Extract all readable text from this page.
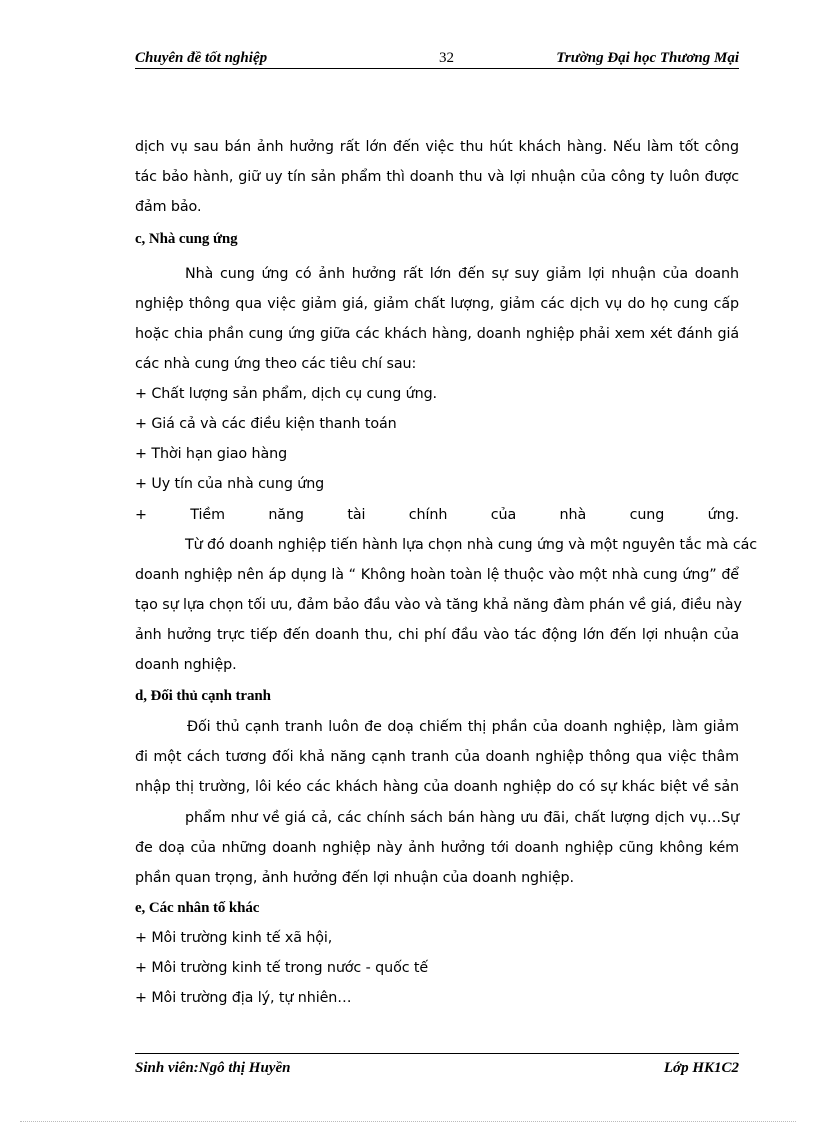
Chuyên đề tốt nghiệp	32	Trường Đại học Thương Mại
dịch vụ sau bán ảnh hưởng rất lớn đến việc thu hút khách hàng. Nếu làm tốt công
tác bảo hành, giữ uy tín sản phẩm thì doanh thu và lợi nhuận của công ty luôn được
đảm bảo.
c, Nhà cung ứng
Nhà cung ứng có ảnh hưởng rất lớn đến sự suy giảm lợi nhuận của doanh
nghiệp thông qua việc giảm giá, giảm chất lượng, giảm các dịch vụ do họ cung cấp
hoặc chia phần cung ứng giữa các khách hàng, doanh nghiệp phải xem xét đánh giá
các nhà cung ứng theo các tiêu chí sau:
+ Chất lượng sản phẩm, dịch cụ cung ứng.
+ Giá cả và các điều kiện thanh toán
+ Thời hạn giao hàng
+ Uy tín của nhà cung ứng
+ Tiềm năng tài chính của nhà cung ứng.
Từ đó doanh nghiệp tiến hành lựa chọn nhà cung ứng và một nguyên tắc mà các
doanh nghiệp nên áp dụng là “ Không hoàn toàn lệ thuộc vào một nhà cung ứng” để
tạo sự lựa chọn tối ưu, đảm bảo đầu vào và tăng khả năng đàm phán về giá, điều này
ảnh hưởng trực tiếp đến doanh thu, chi phí đầu vào tác động lớn đến lợi nhuận của
doanh nghiệp.
d, Đối thủ cạnh tranh
Đối thủ cạnh tranh luôn đe doạ chiếm thị phần của doanh nghiệp, làm giảm
đi một cách tương đối khả năng cạnh tranh của doanh nghiệp thông qua việc thâm
nhập thị trường, lôi kéo các khách hàng của doanh nghiệp do có sự khác biệt về sản
phẩm như về giá cả, các chính sách bán hàng ưu đãi, chất lượng dịch vụ…Sự
đe doạ của những doanh nghiệp này ảnh hưởng tới doanh nghiệp cũng không kém
phần quan trọng, ảnh hưởng đến lợi nhuận của doanh nghiệp.
e, Các nhân tố khác
+ Môi trường kinh tế xã hội,
+ Môi trường kinh tế trong nước - quốc tế
+ Môi trường địa lý, tự nhiên…
Sinh viên:Ngô thị Huyền	Lớp HK1C2
